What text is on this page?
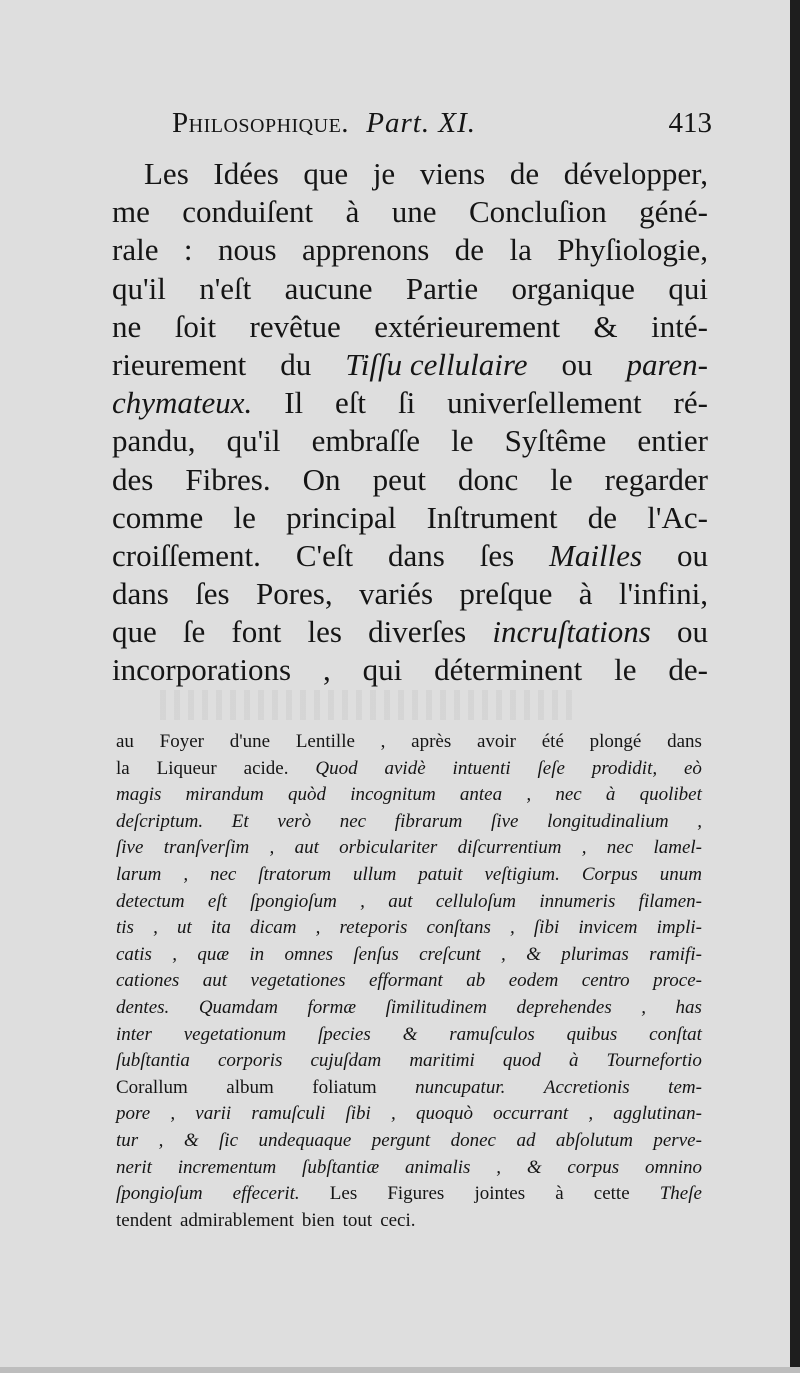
Philosophique. Part. XI.	413
Les Idées que je viens de développer,
me conduiſent à une Concluſion géné-
rale : nous apprenons de la Phyſiologie,
qu'il n'eſt aucune Partie organique qui
ne ſoit revêtue extérieurement & inté-
rieurement du Tiſſu cellulaire ou paren-
chymateux. Il eſt ſi univerſellement ré-
pandu, qu'il embraſſe le Syſtême entier
des Fibres. On peut donc le regarder
comme le principal Inſtrument de l'Ac-
croiſſement. C'eſt dans ſes Mailles ou
dans ſes Pores, variés preſque à l'infini,
que ſe font les diverſes incruſtations ou
incorporations , qui déterminent le de-
au Foyer d'une Lentille , après avoir été plongé dans
la Liqueur acide. Quod avidè intuenti ſeſe prodidit, eò
magis mirandum quòd incognitum antea , nec à quolibet
deſcriptum. Et verò nec fibrarum ſive longitudinalium ,
ſive tranſverſim , aut orbiculariter diſcurrentium , nec lamel-
larum , nec ſtratorum ullum patuit veſtigium. Corpus unum
detectum eſt ſpongioſum , aut celluloſum innumeris filamen-
tis , ut ita dicam , reteporis conſtans , ſibi invicem impli-
catis , quæ in omnes ſenſus creſcunt , & plurimas ramifi-
cationes aut vegetationes efformant ab eodem centro proce-
dentes. Quamdam formæ ſimilitudinem deprehendes , has
inter vegetationum ſpecies & ramuſculos quibus conſtat
ſubſtantia corporis cujuſdam maritimi quod à Tournefortio
Corallum album foliatum nuncupatur. Accretionis tem-
pore , varii ramuſculi ſibi , quoquò occurrant , agglutinan-
tur , & ſic undequaque pergunt donec ad abſolutum perve-
nerit incrementum ſubſtantiæ animalis , & corpus omnino
ſpongioſum effecerit. Les Figures jointes à cette Theſe
tendent admirablement bien tout ceci.
